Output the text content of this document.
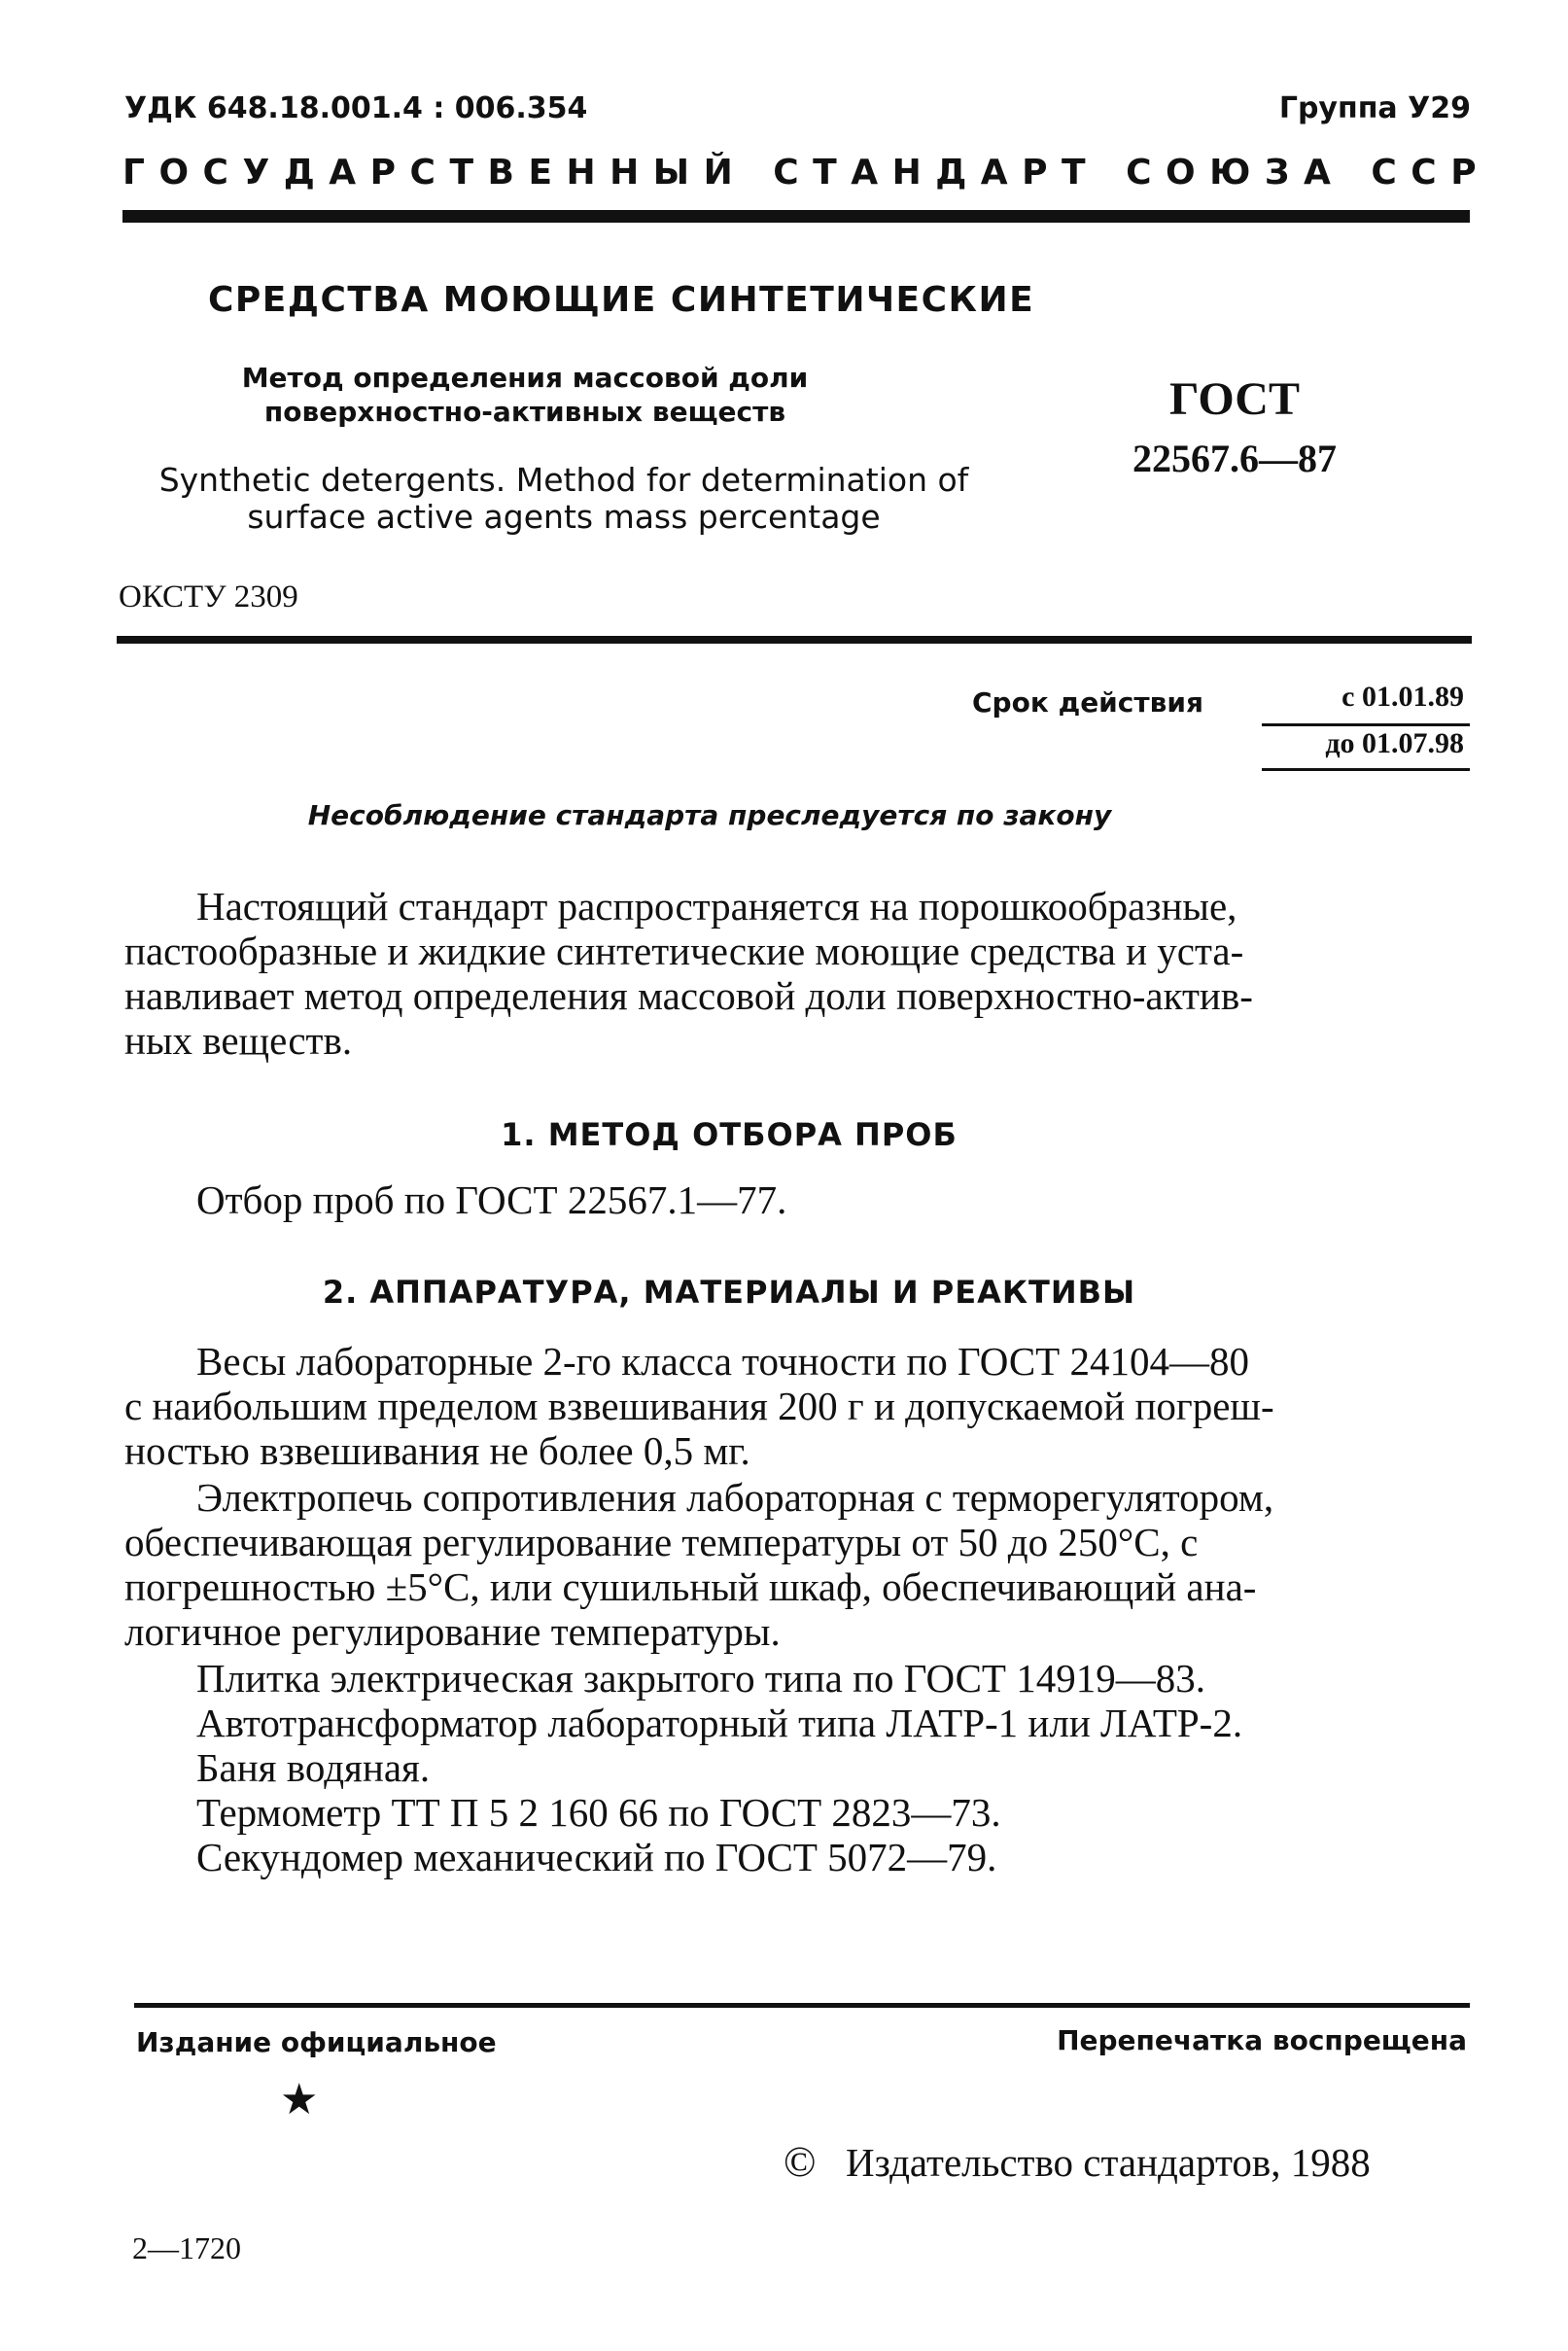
УДК 648.18.001.4 : 006.354	Группа У29
ГОСУДАРСТВЕННЫЙ СТАНДАРТ СОЮЗА ССР
СРЕДСТВА МОЮЩИЕ СИНТЕТИЧЕСКИЕ
Метод определения массовой доли
поверхностно-активных веществ
Synthetic detergents. Method for determination of
surface active agents mass percentage
ГОСТ
22567.6—87
ОКСТУ 2309
Срок действия	с 01.01.89
до 01.07.98
Несоблюдение стандарта преследуется по закону
Настоящий стандарт распространяется на порошкообразные,
пастообразные и жидкие синтетические моющие средства и уста-
навливает метод определения массовой доли поверхностно-актив-
ных веществ.
1. МЕТОД ОТБОРА ПРОБ
Отбор проб по ГОСТ 22567.1—77.
2. АППАРАТУРА, МАТЕРИАЛЫ И РЕАКТИВЫ
Весы лабораторные 2-го класса точности по ГОСТ 24104—80
с наибольшим пределом взвешивания 200 г и допускаемой погреш-
ностью взвешивания не более 0,5 мг.
Электропечь сопротивления лабораторная с терморегулятором,
обеспечивающая регулирование температуры от 50 до 250°С, с
погрешностью ±5°С, или сушильный шкаф, обеспечивающий ана-
логичное регулирование температуры.
Плитка электрическая закрытого типа по ГОСТ 14919—83.
Автотрансформатор лабораторный типа ЛАТР-1 или ЛАТР-2.
Баня водяная.
Термометр ТТ П 5 2 160 66 по ГОСТ 2823—73.
Секундомер механический по ГОСТ 5072—79.
Издание официальное	Перепечатка воспрещена
★
© Издательство стандартов, 1988
2—1720
